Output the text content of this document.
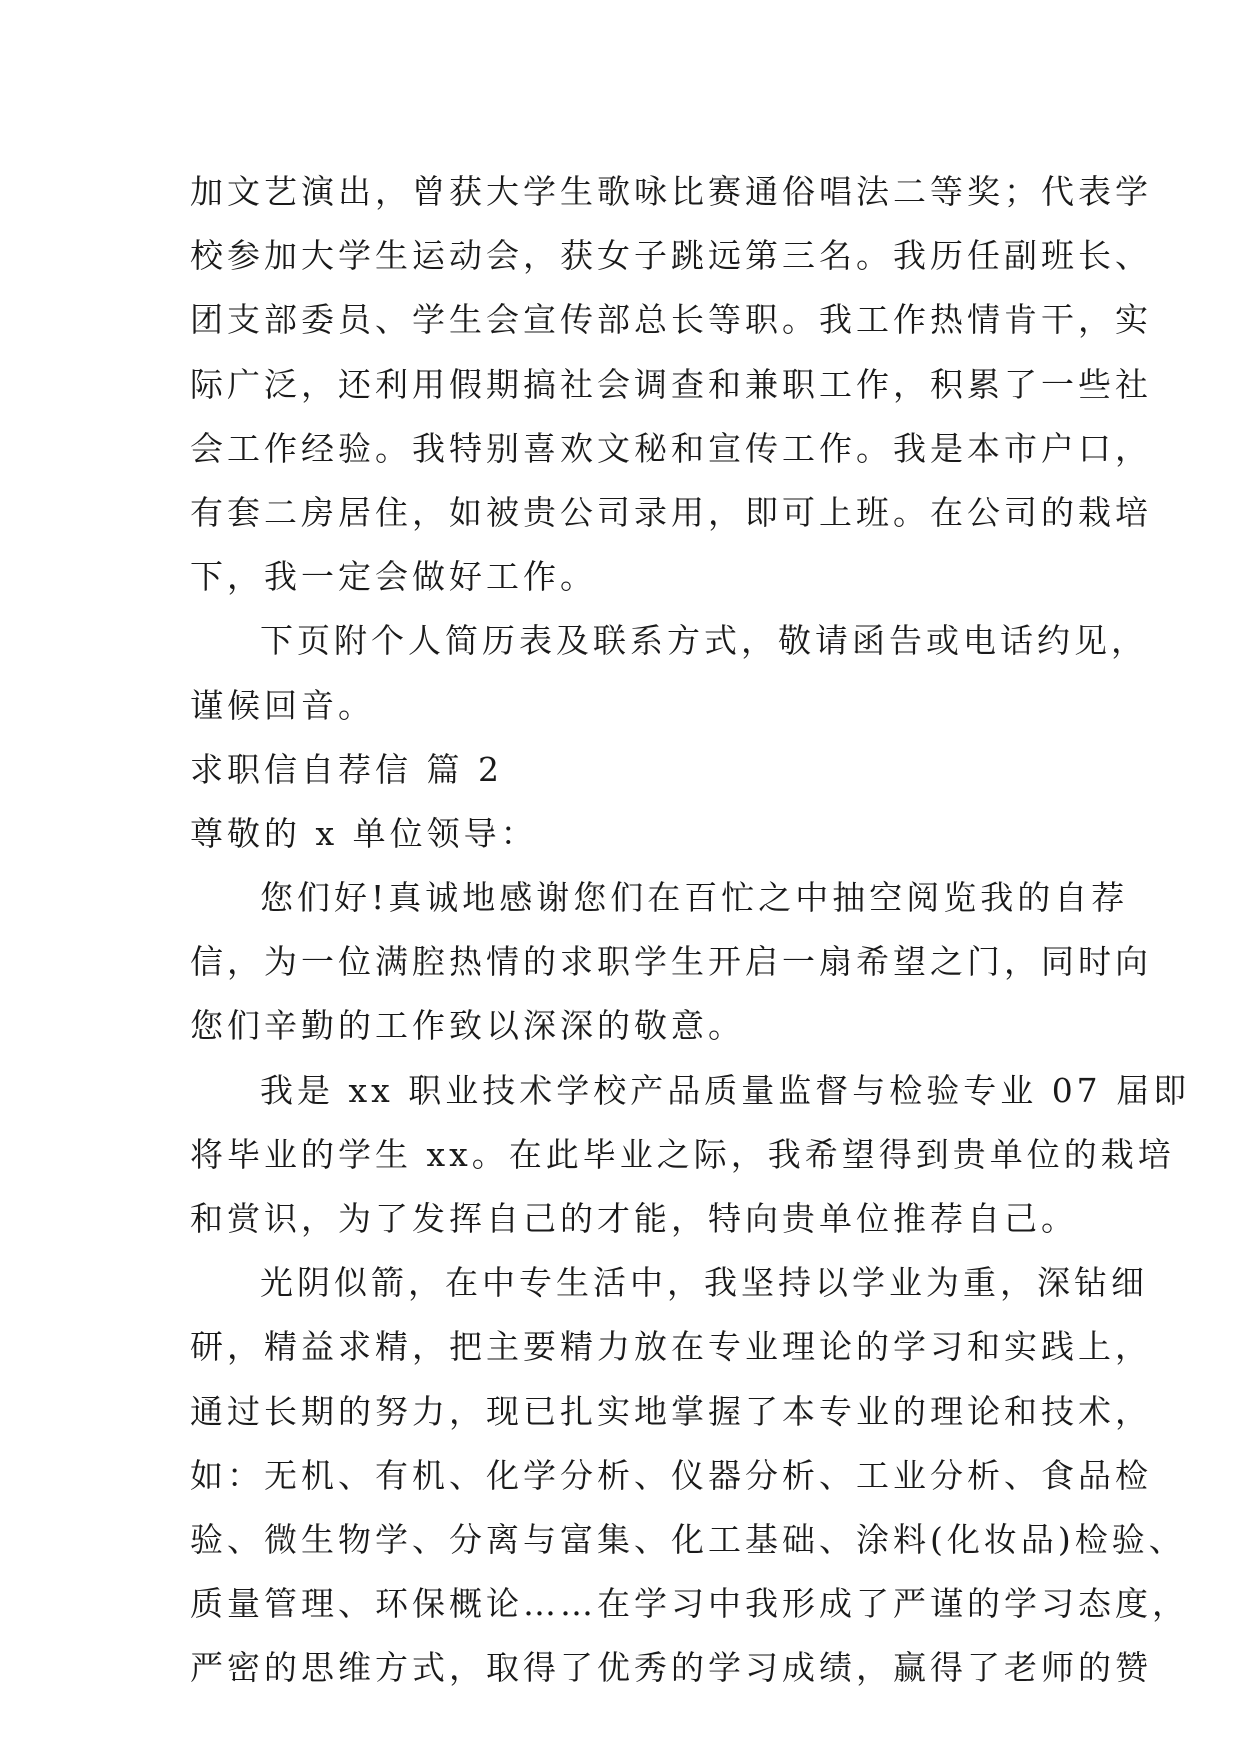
加文艺演出，曾获大学生歌咏比赛通俗唱法二等奖；代表学
校参加大学生运动会，获女子跳远第三名。我历任副班长、
团支部委员、学生会宣传部总长等职。我工作热情肯干，实
际广泛，还利用假期搞社会调查和兼职工作，积累了一些社
会工作经验。我特别喜欢文秘和宣传工作。我是本市户口，
有套二房居住，如被贵公司录用，即可上班。在公司的栽培
下，我一定会做好工作。
下页附个人简历表及联系方式，敬请函告或电话约见，
谨候回音。
求职信自荐信 篇 2
尊敬的 x 单位领导：
您们好!真诚地感谢您们在百忙之中抽空阅览我的自荐
信，为一位满腔热情的求职学生开启一扇希望之门，同时向
您们辛勤的工作致以深深的敬意。
我是 xx 职业技术学校产品质量监督与检验专业 07 届即
将毕业的学生 xx。在此毕业之际，我希望得到贵单位的栽培
和赏识，为了发挥自己的才能，特向贵单位推荐自己。
光阴似箭，在中专生活中，我坚持以学业为重，深钻细
研，精益求精，把主要精力放在专业理论的学习和实践上，
通过长期的努力，现已扎实地掌握了本专业的理论和技术，
如：无机、有机、化学分析、仪器分析、工业分析、食品检
验、微生物学、分离与富集、化工基础、涂料(化妆品)检验、
质量管理、环保概论……在学习中我形成了严谨的学习态度，
严密的思维方式，取得了优秀的学习成绩，赢得了老师的赞
